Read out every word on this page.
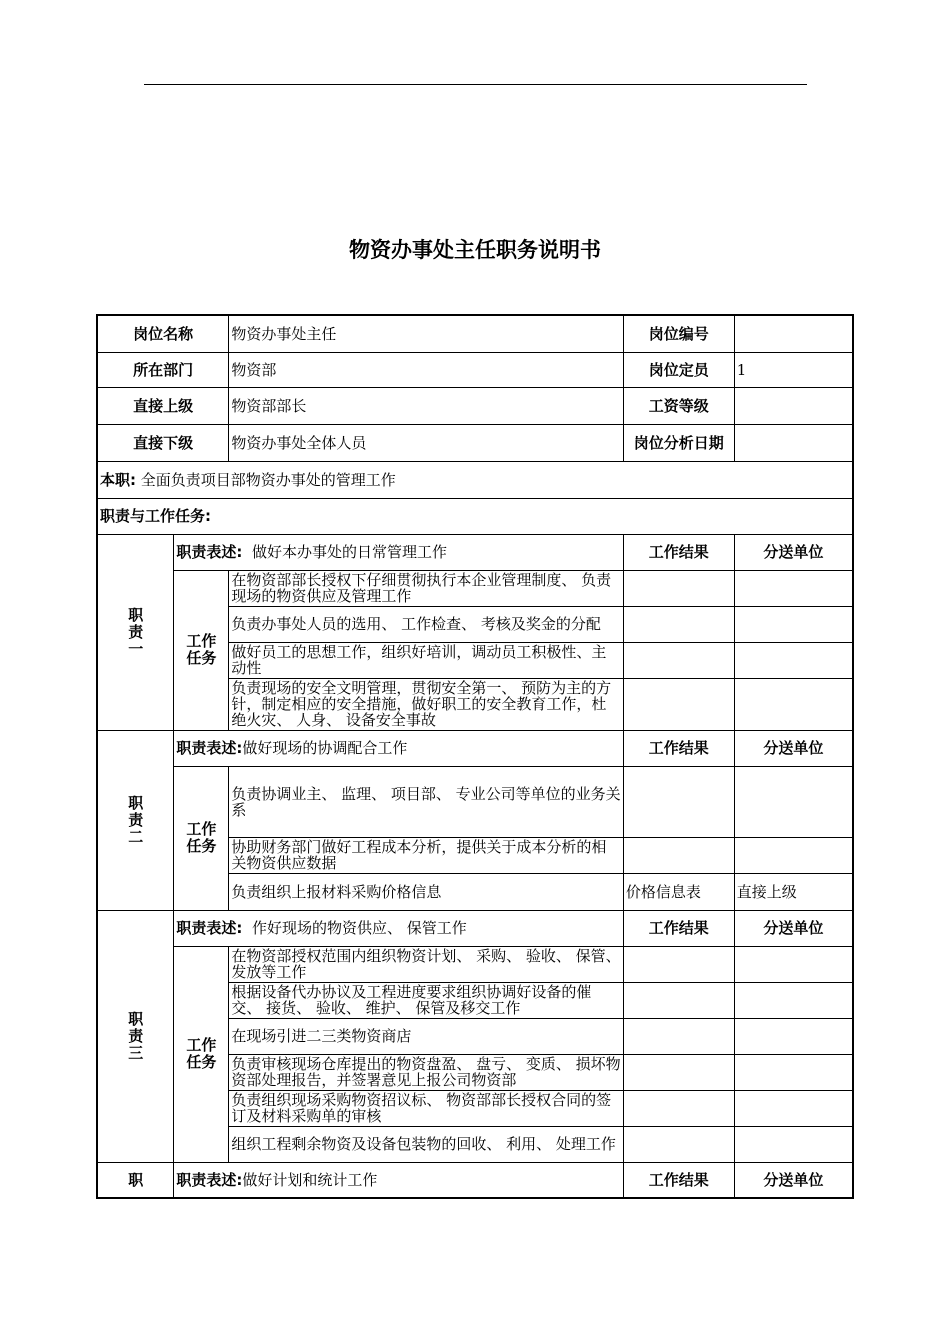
物资办事处主任职务说明书
岗位名称		物资办事处主任	岗位编号	
所在部门		物资部	岗位定员	1
直接上级		物资部部长	工资等级	
直接下级		物资办事处全体人员	岗位分析日期	
本职: 全面负责项目部物资办事处的管理工作				
职责与工作任务:				

职责一	职责表述: 做好本办事处的日常管理工作		工作结果	分送单位

	工作任务	在物资部部长授权下仔细贯彻执行本企业管理制度、 负责现场的物资供应及管理工作		
		负责办事处人员的选用、 工作检查、 考核及奖金的分配		
		做好员工的思想工作，组织好培训，调动员工积极性、主动性		
		负责现场的安全文明管理，贯彻安全第一、 预防为主的方针，制定相应的安全措施，做好职工的安全教育工作，杜绝火灾、 人身、 设备安全事故		

职责二	职责表述:做好现场的协调配合工作		工作结果	分送单位

	工作任务	负责协调业主、 监理、 项目部、 专业公司等单位的业务关系		
		协助财务部门做好工程成本分析，提供关于成本分析的相关物资供应数据		
		负责组织上报材料采购价格信息	价格信息表	直接上级

职责三	职责表述: 作好现场的物资供应、 保管工作		工作结果	分送单位

	工作任务	在物资部授权范围内组织物资计划、 采购、 验收、 保管、 发放等工作		
		根据设备代办协议及工程进度要求组织协调好设备的催交、 接货、 验收、 维护、 保管及移交工作		
		在现场引进二三类物资商店		
		负责审核现场仓库提出的物资盘盈、 盘亏、 变质、 损坏物资部处理报告，并签署意见上报公司物资部		
		负责组织现场采购物资招议标、 物资部部长授权合同的签订及材料采购单的审核		
		组织工程剩余物资及设备包装物的回收、 利用、 处理工作		
职	职责表述:做好计划和统计工作		工作结果	分送单位
